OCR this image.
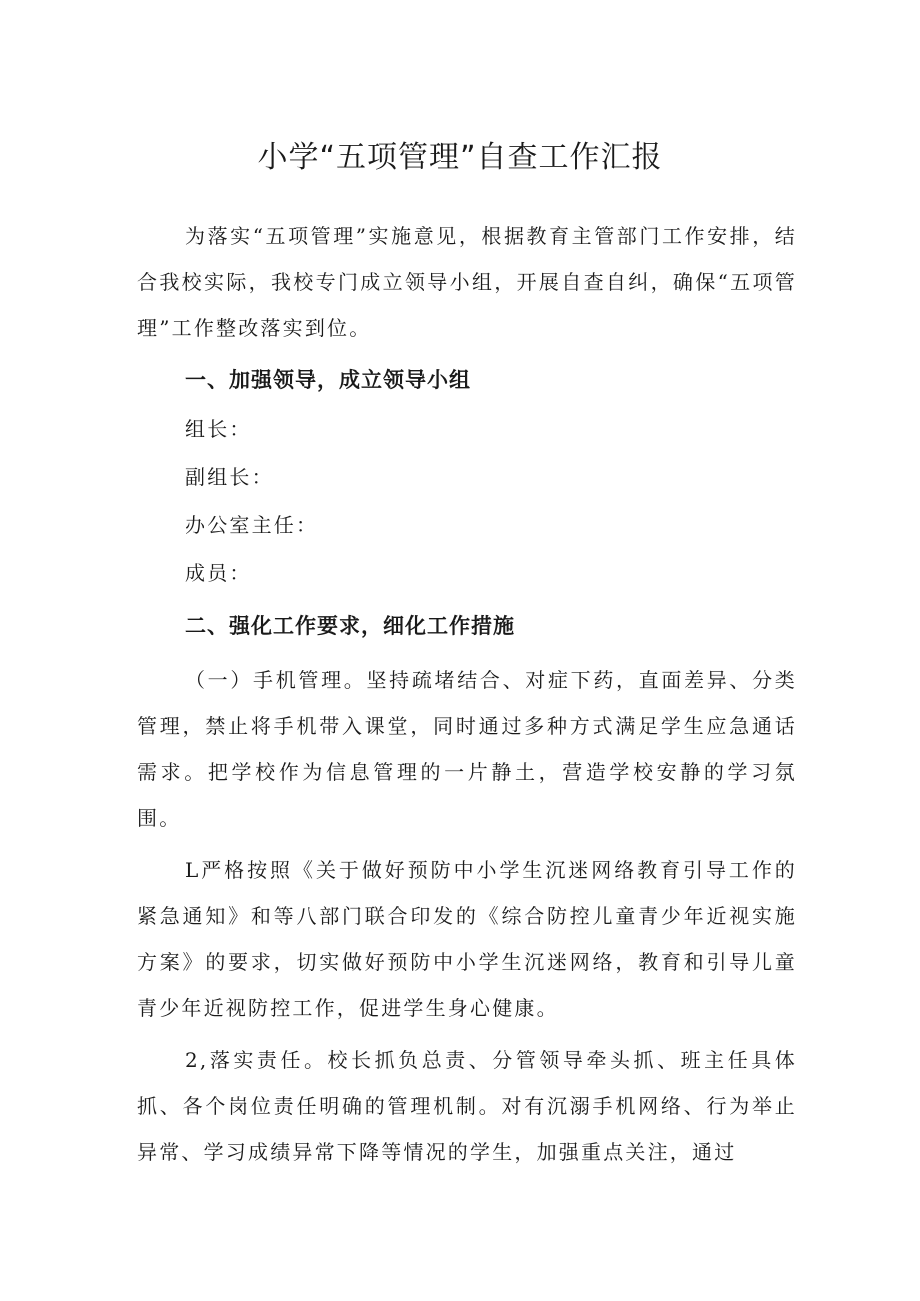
小学“五项管理”自查工作汇报

为落实“五项管理”实施意见，根据教育主管部门工作安排，结合我校实际，我校专门成立领导小组，开展自查自纠，确保“五项管理”工作整改落实到位。

一、加强领导，成立领导小组

组长：

副组长：

办公室主任：

成员：

二、强化工作要求，细化工作措施

（一）手机管理。坚持疏堵结合、对症下药，直面差异、分类管理，禁止将手机带入课堂，同时通过多种方式满足学生应急通话需求。把学校作为信息管理的一片静土，营造学校安静的学习氛围。

L严格按照《关于做好预防中小学生沉迷网络教育引导工作的紧急通知》和等八部门联合印发的《综合防控儿童青少年近视实施方案》的要求，切实做好预防中小学生沉迷网络，教育和引导儿童青少年近视防控工作，促进学生身心健康。

2,落实责任。校长抓负总责、分管领导牵头抓、班主任具体抓、各个岗位责任明确的管理机制。对有沉溺手机网络、行为举止异常、学习成绩异常下降等情况的学生，加强重点关注，通过
